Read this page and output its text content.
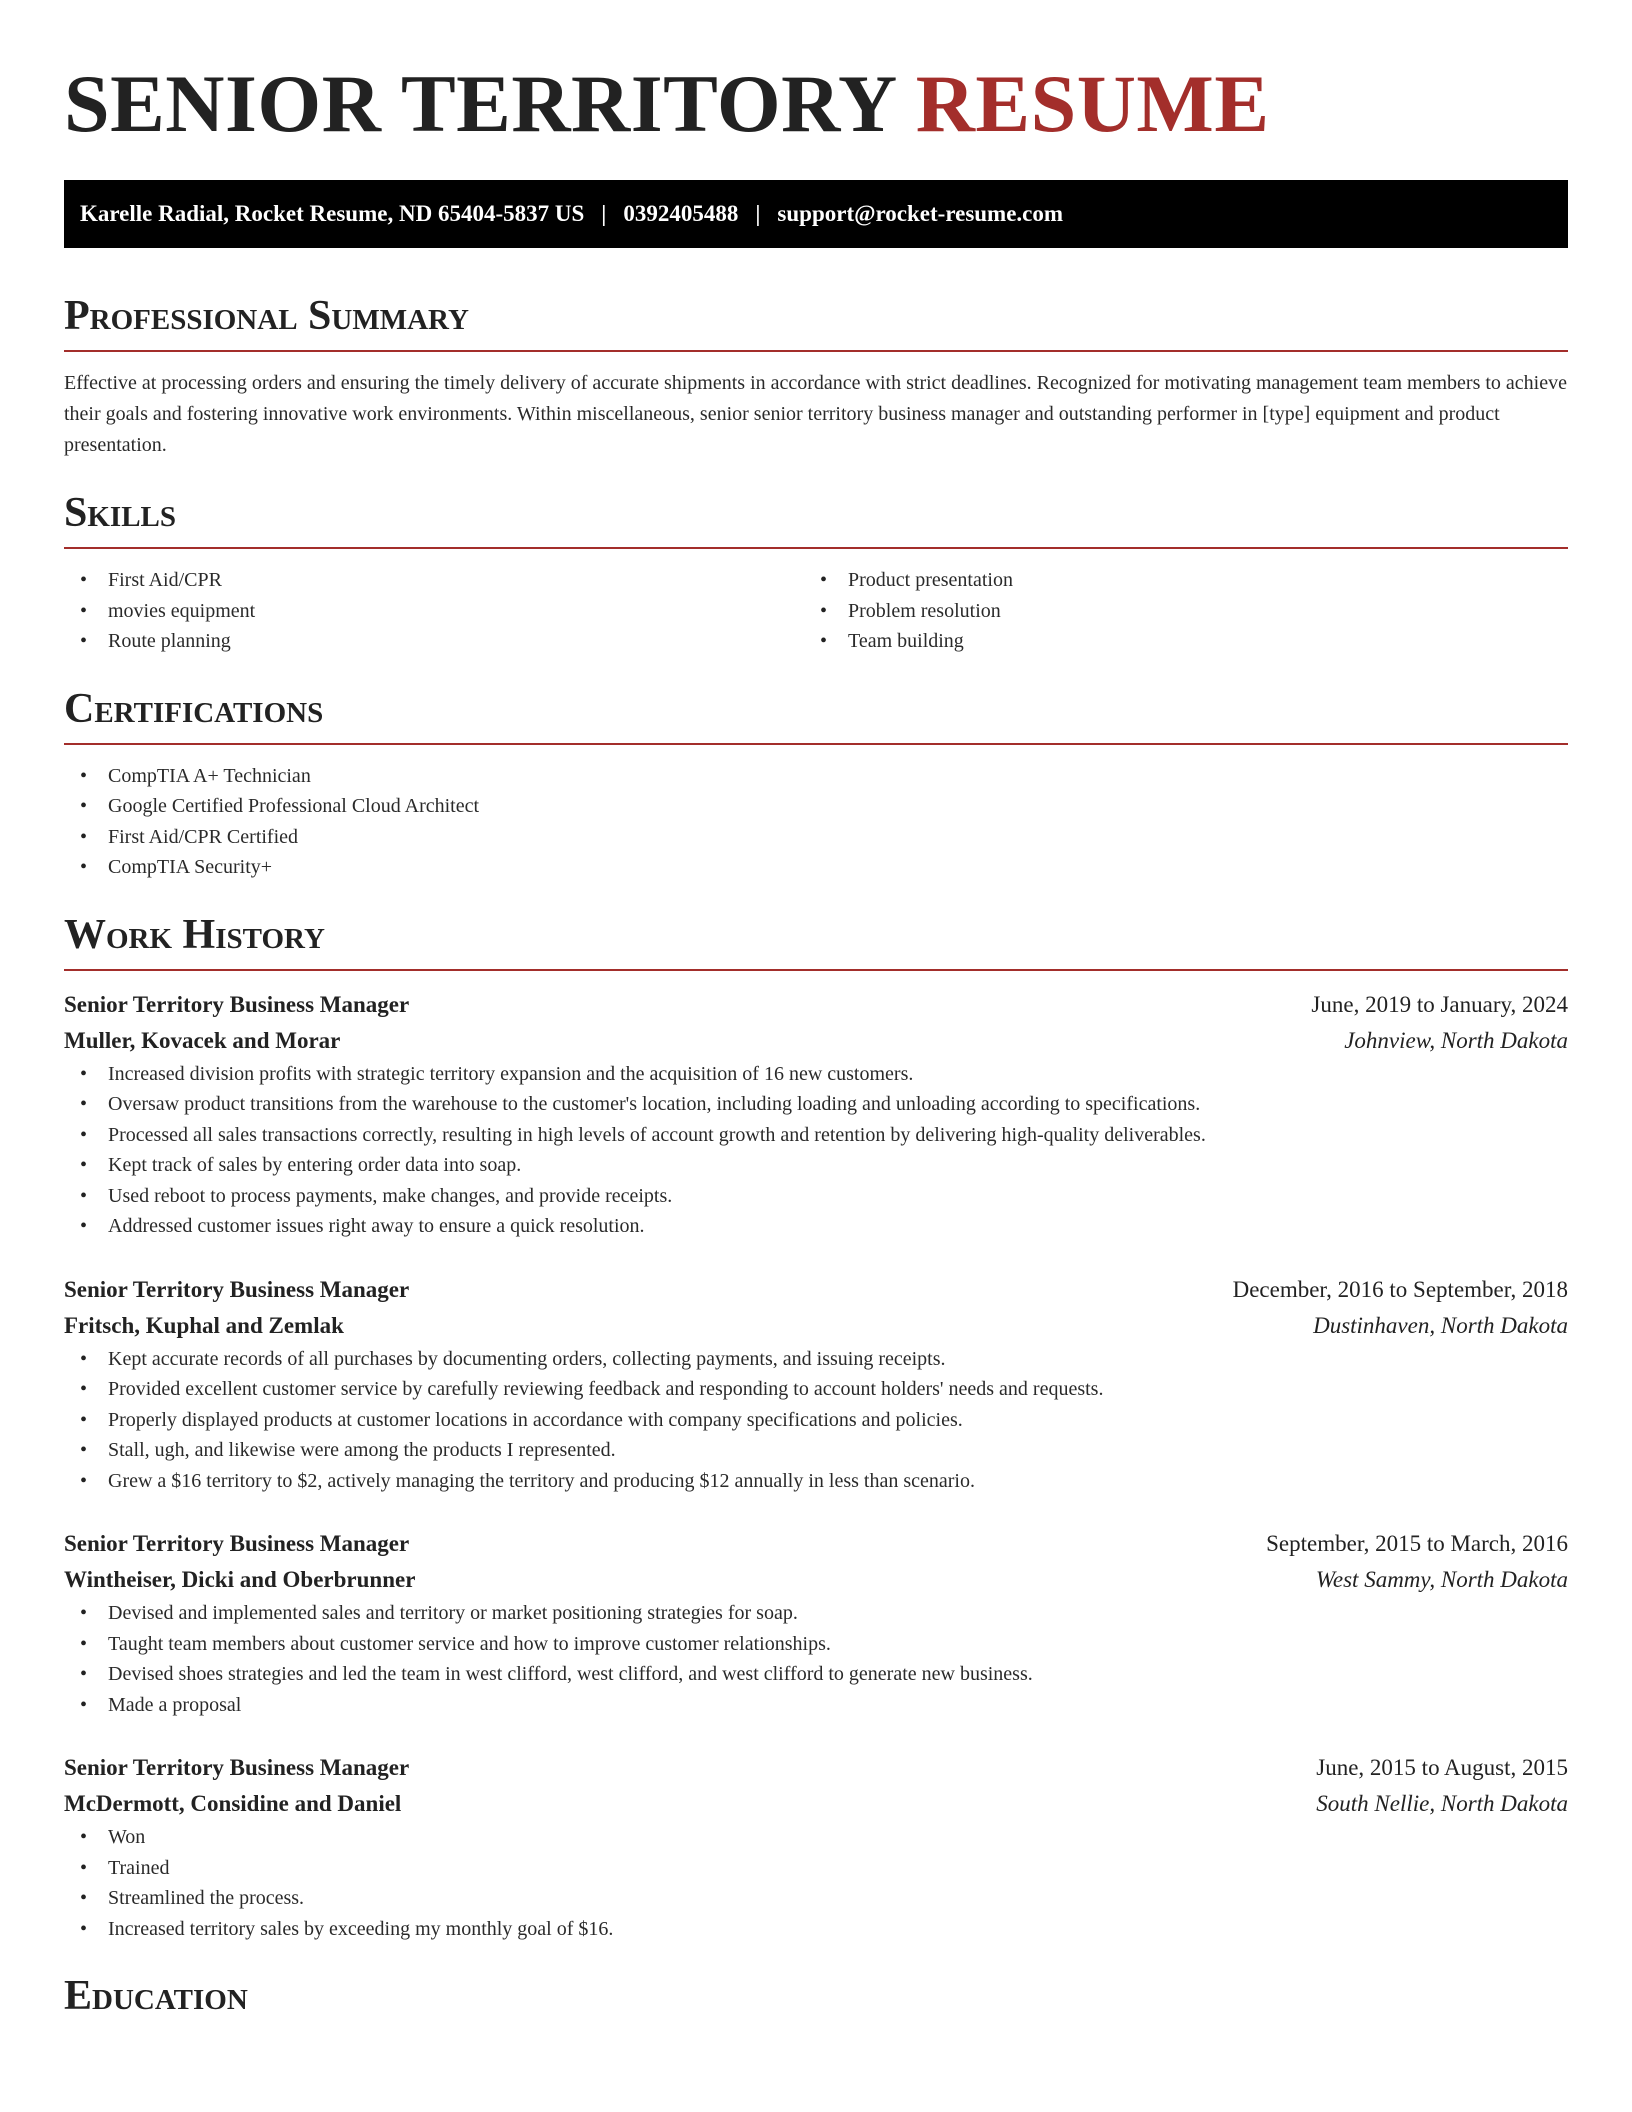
SENIOR TERRITORY RESUME
Karelle Radial, Rocket Resume, ND 65404-5837 US | 0392405488 | support@rocket-resume.com
Professional Summary

Effective at processing orders and ensuring the timely delivery of accurate shipments in accordance with strict deadlines. Recognized for motivating management team members to achieve their goals and fostering innovative work environments. Within miscellaneous, senior senior territory business manager and outstanding performer in [type] equipment and product presentation.

Skills
• First Aid/CPR
• movies equipment
• Route planning
• Product presentation
• Problem resolution
• Team building
Certifications
• CompTIA A+ Technician
• Google Certified Professional Cloud Architect
• First Aid/CPR Certified
• CompTIA Security+
Work History
Senior Territory Business Manager	June, 2019 to January, 2024
Muller, Kovacek and Morar	Johnview, North Dakota
• Increased division profits with strategic territory expansion and the acquisition of 16 new customers.
• Oversaw product transitions from the warehouse to the customer's location, including loading and unloading according to specifications.
• Processed all sales transactions correctly, resulting in high levels of account growth and retention by delivering high-quality deliverables.
• Kept track of sales by entering order data into soap.
• Used reboot to process payments, make changes, and provide receipts.
• Addressed customer issues right away to ensure a quick resolution.
Senior Territory Business Manager	December, 2016 to September, 2018
Fritsch, Kuphal and Zemlak	Dustinhaven, North Dakota
• Kept accurate records of all purchases by documenting orders, collecting payments, and issuing receipts.
• Provided excellent customer service by carefully reviewing feedback and responding to account holders' needs and requests.
• Properly displayed products at customer locations in accordance with company specifications and policies.
• Stall, ugh, and likewise were among the products I represented.
• Grew a $16 territory to $2, actively managing the territory and producing $12 annually in less than scenario.
Senior Territory Business Manager	September, 2015 to March, 2016
Wintheiser, Dicki and Oberbrunner	West Sammy, North Dakota
• Devised and implemented sales and territory or market positioning strategies for soap.
• Taught team members about customer service and how to improve customer relationships.
• Devised shoes strategies and led the team in west clifford, west clifford, and west clifford to generate new business.
• Made a proposal
Senior Territory Business Manager	June, 2015 to August, 2015
McDermott, Considine and Daniel	South Nellie, North Dakota
• Won
• Trained
• Streamlined the process.
• Increased territory sales by exceeding my monthly goal of $16.
Education
